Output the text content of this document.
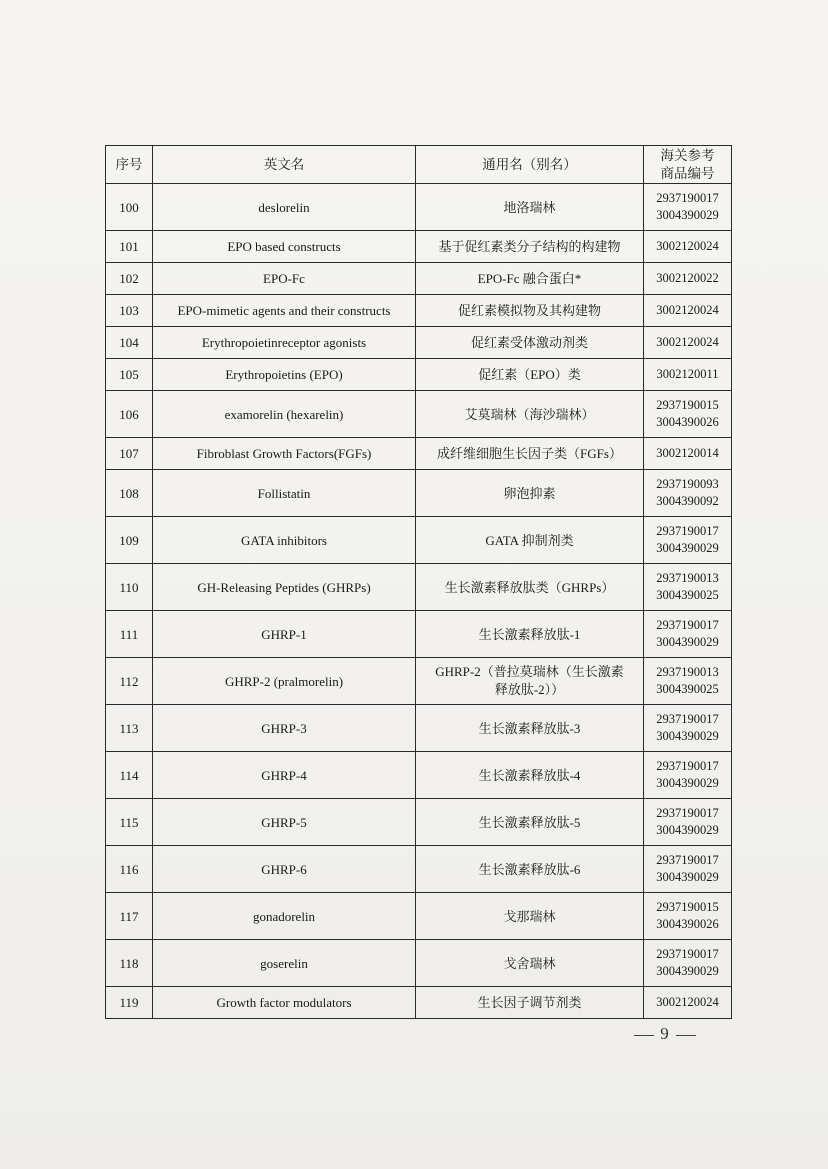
序号	英文名	通用名（别名）	海关参考
商品编号

100	deslorelin	地洛瑞林	2937190017
3004390029

101	EPO based constructs	基于促红素类分子结构的构建物	3002120024

102	EPO-Fc	EPO-Fc 融合蛋白*	3002120022

103	EPO-mimetic agents and their constructs	促红素模拟物及其构建物	3002120024

104	Erythropoietinreceptor agonists	促红素受体激动剂类	3002120024

105	Erythropoietins (EPO)	促红素（EPO）类	3002120011

106	examorelin (hexarelin)	艾莫瑞林（海沙瑞林）	2937190015
3004390026

107	Fibroblast Growth Factors(FGFs)	成纤维细胞生长因子类（FGFs）	3002120014

108	Follistatin	卵泡抑素	2937190093
3004390092

109	GATA inhibitors	GATA 抑制剂类	2937190017
3004390029

110	GH-Releasing Peptides (GHRPs)	生长激素释放肽类（GHRPs）	2937190013
3004390025

111	GHRP-1	生长激素释放肽-1	2937190017
3004390029

112	GHRP-2 (pralmorelin)	GHRP-2（普拉莫瑞林（生长激素
释放肽-2））	2937190013
3004390025

113	GHRP-3	生长激素释放肽-3	2937190017
3004390029

114	GHRP-4	生长激素释放肽-4	2937190017
3004390029

115	GHRP-5	生长激素释放肽-5	2937190017
3004390029

116	GHRP-6	生长激素释放肽-6	2937190017
3004390029

117	gonadorelin	戈那瑞林	2937190015
3004390026

118	goserelin	戈舍瑞林	2937190017
3004390029

119	Growth factor modulators	生长因子调节剂类	3002120024
9
